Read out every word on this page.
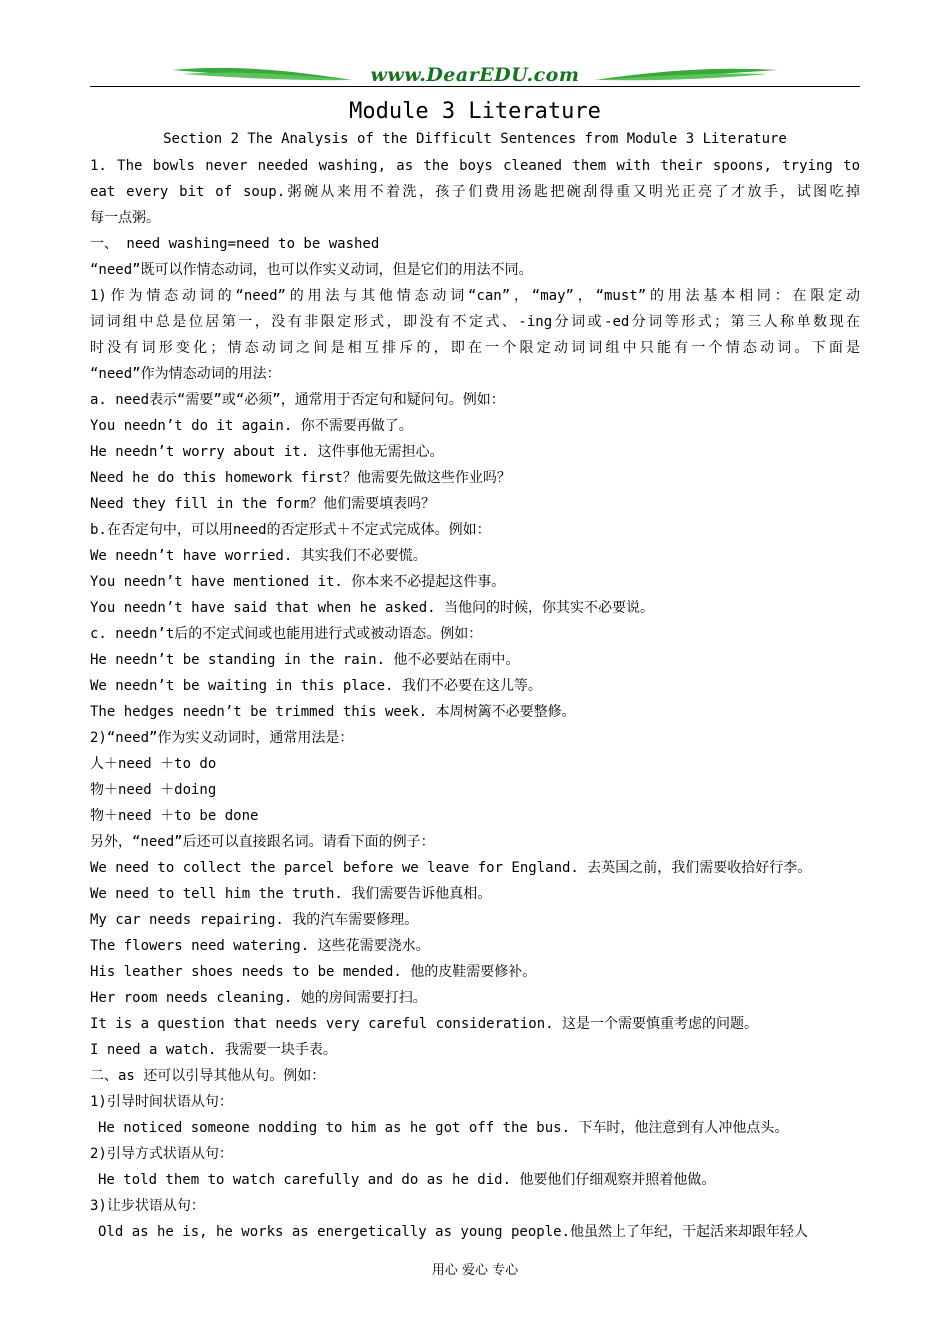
www.DearEDU.com
Module 3 Literature
Section 2 The Analysis of the Difficult Sentences from Module 3 Literature
1. The bowls never needed washing, as the boys cleaned them with their spoons, trying to
eat every bit of soup.粥碗从来用不着洗，孩子们费用汤匙把碗刮得重又明光正亮了才放手，试图吃掉
每一点粥。
一、 need washing=need to be washed
“need”既可以作情态动词，也可以作实义动词，但是它们的用法不同。
1)作为情态动词的“need”的用法与其他情态动词“can”，“may”，“must”的用法基本相同：在限定动
词词组中总是位居第一，没有非限定形式，即没有不定式、-ing分词或-ed分词等形式；第三人称单数现在
时没有词形变化；情态动词之间是相互排斥的，即在一个限定动词词组中只能有一个情态动词。下面是
“need”作为情态动词的用法：
a. need表示“需要”或“必须”，通常用于否定句和疑问句。例如：
You needn’t do it again. 你不需要再做了。
He needn’t worry about it. 这件事他无需担心。
Need he do this homework first？他需要先做这些作业吗？
Need they fill in the form？他们需要填表吗？
b.在否定句中，可以用need的否定形式＋不定式完成体。例如：
We needn’t have worried. 其实我们不必要慌。
You needn’t have mentioned it. 你本来不必提起这件事。
You needn’t have said that when he asked. 当他问的时候，你其实不必要说。
c. needn’t后的不定式间或也能用进行式或被动语态。例如：
He needn’t be standing in the rain. 他不必要站在雨中。
We needn’t be waiting in this place. 我们不必要在这儿等。
The hedges needn’t be trimmed this week. 本周树篱不必要整修。
2)“need”作为实义动词时，通常用法是：
人＋need ＋to do
物＋need ＋doing
物＋need ＋to be done
另外，“need”后还可以直接跟名词。请看下面的例子：
We need to collect the parcel before we leave for England. 去英国之前，我们需要收拾好行李。
We need to tell him the truth. 我们需要告诉他真相。
My car needs repairing. 我的汽车需要修理。
The flowers need watering. 这些花需要浇水。
His leather shoes needs to be mended. 他的皮鞋需要修补。
Her room needs cleaning. 她的房间需要打扫。
It is a question that needs very careful consideration. 这是一个需要慎重考虑的问题。
I need a watch. 我需要一块手表。
二、as 还可以引导其他从句。例如：
1)引导时间状语从句：
He noticed someone nodding to him as he got off the bus. 下车时，他注意到有人冲他点头。
2)引导方式状语从句：
He told them to watch carefully and do as he did. 他要他们仔细观察并照着他做。
3)让步状语从句：
Old as he is, he works as energetically as young people.他虽然上了年纪，干起活来却跟年轻人
用心 爱心 专心
